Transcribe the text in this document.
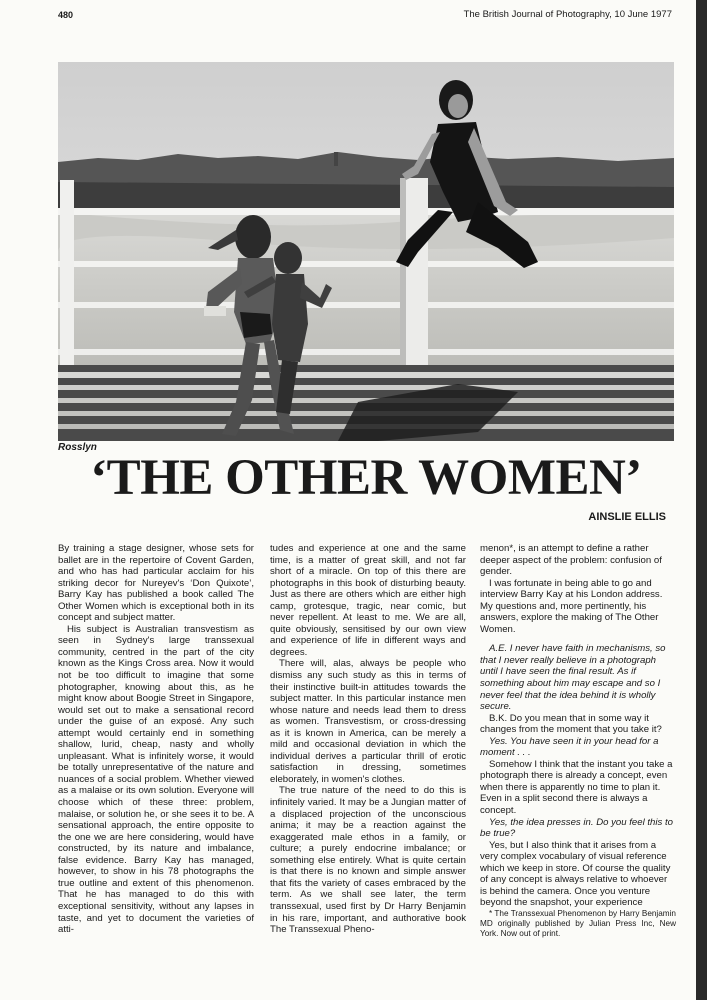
480	The British Journal of Photography, 10 June 1977
Rosslyn
‘THE OTHER WOMEN’
AINSLIE ELLIS

By training a stage designer, whose sets for ballet are in the repertoire of Covent Garden, and who has had particular acclaim for his striking decor for Nureyev's ‘Don Quixote’, Barry Kay has published a book called The Other Women which is exceptional both in its concept and subject matter.

His subject is Australian transvestism as seen in Sydney's large transsexual community, centred in the part of the city known as the Kings Cross area. Now it would not be too difficult to imagine that some photographer, knowing about this, as he might know about Boogie Street in Singapore, would set out to make a sensational record under the guise of an exposé. Any such attempt would certainly end in something shallow, lurid, cheap, nasty and wholly unpleasant. What is infinitely worse, it would be totally unrepresentative of the nature and nuances of a social problem. Whether viewed as a malaise or its own solution. Everyone will choose which of these three: problem, malaise, or solution he, or she sees it to be. A sensational approach, the entire opposite to the one we are here considering, would have constructed, by its nature and imbalance, false evidence. Barry Kay has managed, however, to show in his 78 photographs the true outline and extent of this phenomenon. That he has managed to do this with exceptional sensitivity, without any lapses in taste, and yet to document the varieties of atti-

tudes and experience at one and the same time, is a matter of great skill, and not far short of a miracle. On top of this there are photographs in this book of disturbing beauty. Just as there are others which are either high camp, grotesque, tragic, near comic, but never repellent. At least to me. We are all, quite obviously, sensitised by our own view and experience of life in different ways and degrees.

There will, alas, always be people who dismiss any such study as this in terms of their instinctive built-in attitudes towards the subject matter. In this particular instance men whose nature and needs lead them to dress as women. Transvestism, or cross-dressing as it is known in America, can be merely a mild and occasional deviation in which the individual derives a particular thrill of erotic satisfaction in dressing, sometimes eleborately, in women's clothes.

The true nature of the need to do this is infinitely varied. It may be a Jungian matter of a displaced projection of the unconscious anima; it may be a reaction against the exaggerated male ethos in a family, or culture; a purely endocrine imbalance; or something else entirely. What is quite certain is that there is no known and simple answer that fits the variety of cases embraced by the term. As we shall see later, the term transsexual, used first by Dr Harry Benjamin in his rare, important, and authorative book The Transsexual Pheno-

menon*, is an attempt to define a rather deeper aspect of the problem: confusion of gender.

I was fortunate in being able to go and interview Barry Kay at his London address. My questions and, more pertinently, his answers, explore the making of The Other Women.

A.E. I never have faith in mechanisms, so that I never really believe in a photograph until I have seen the final result. As if something about him may escape and so I never feel that the idea behind it is wholly secure.

B.K. Do you mean that in some way it changes from the moment that you take it?

Yes. You have seen it in your head for a moment . . .

Somehow I think that the instant you take a photograph there is already a concept, even when there is apparently no time to plan it. Even in a split second there is always a concept.

Yes, the idea presses in. Do you feel this to be true?

Yes, but I also think that it arises from a very complex vocabulary of visual reference which we keep in store. Of course the quality of any concept is always relative to whoever is behind the camera. Once you venture beyond the snapshot, your experience

* The Transsexual Phenomenon by Harry Benjamin MD originally published by Julian Press Inc, New York. Now out of print.
